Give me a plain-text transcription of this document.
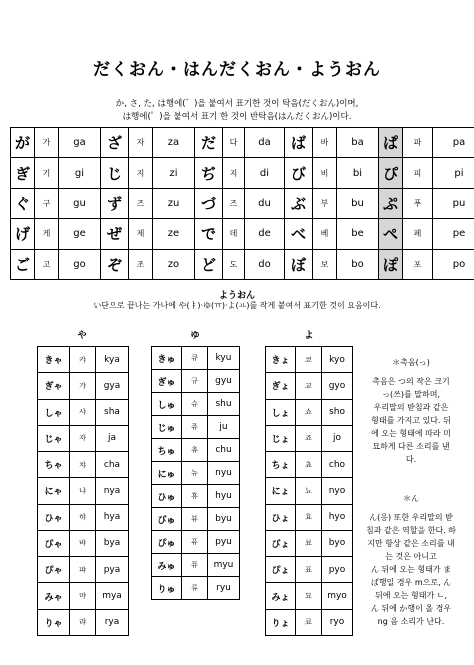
だくおん・はんだくおん・ようおん
か, さ, た, は행에(゛)을 붙여서 표기한 것이 탁음(だくおん)이며,
は행에(゜)을 붙여서 표기 한 것이 반탁음(はんだくおん)이다.
が	가	ga	ざ	자	za	だ	다	da	ば	바	ba	ぱ	파	pa
ぎ	기	gi	じ	지	zi	ぢ	지	di	び	비	bi	ぴ	피	pi
ぐ	구	gu	ず	즈	zu	づ	즈	du	ぶ	부	bu	ぷ	푸	pu
げ	게	ge	ぜ	제	ze	で	데	de	べ	베	be	ぺ	페	pe
ご	고	go	ぞ	조	zo	ど	도	do	ぼ	보	bo	ぽ	포	po
ようおん
い단으로 끝나는 가나에 や(ㅑ)·ゆ(ㅠ)·よ(ㅛ)를 작게 붙여서 표기한 것이 요음이다.
や	ゆ	よ
きゃ	캬	kya
ぎゃ	갸	gya
しゃ	샤	sha
じゃ	자	ja
ちゃ	챠	cha
にゃ	냐	nya
ひゃ	햐	hya
びゃ	뱌	bya
ぴゃ	퍄	pya
みゃ	먀	mya
りゃ	랴	rya
きゅ	큐	kyu
ぎゅ	규	gyu
しゅ	슈	shu
じゅ	쥬	ju
ちゅ	츄	chu
にゅ	뉴	nyu
ひゅ	휴	hyu
びゅ	뷰	byu
ぴゅ	퓨	pyu
みゅ	뮤	myu
りゅ	류	ryu
きょ	쿄	kyo
ぎょ	교	gyo
しょ	쇼	sho
じょ	죠	jo
ちょ	쵸	cho
にょ	뇨	nyo
ひょ	효	hyo
びょ	뵤	byo
ぴょ	표	pyo
みょ	묘	myo
りょ	료	ryo
＊촉음(っ)
촉음은 つ의 작은 크기
っ(쓰)를 말하며,
우리말의 받침과 같은
형태를 가지고 있다. 뒤
에 오는 형태에 따라 미
묘하게 다른 소리를 낸
다.
＊ん
ん(응) 또한 우리말의 받
침과 같은 역할을 한다. 하
지만 항상 같은 소리를 내
는 것은 아니고
ん 뒤에 오는 형태가 ま
ば행일 경우 m으로, ん
뒤에 오는 형태가 ㄴ,
ん 뒤에 か행이 올 경우
ng 음 소리가 난다.
